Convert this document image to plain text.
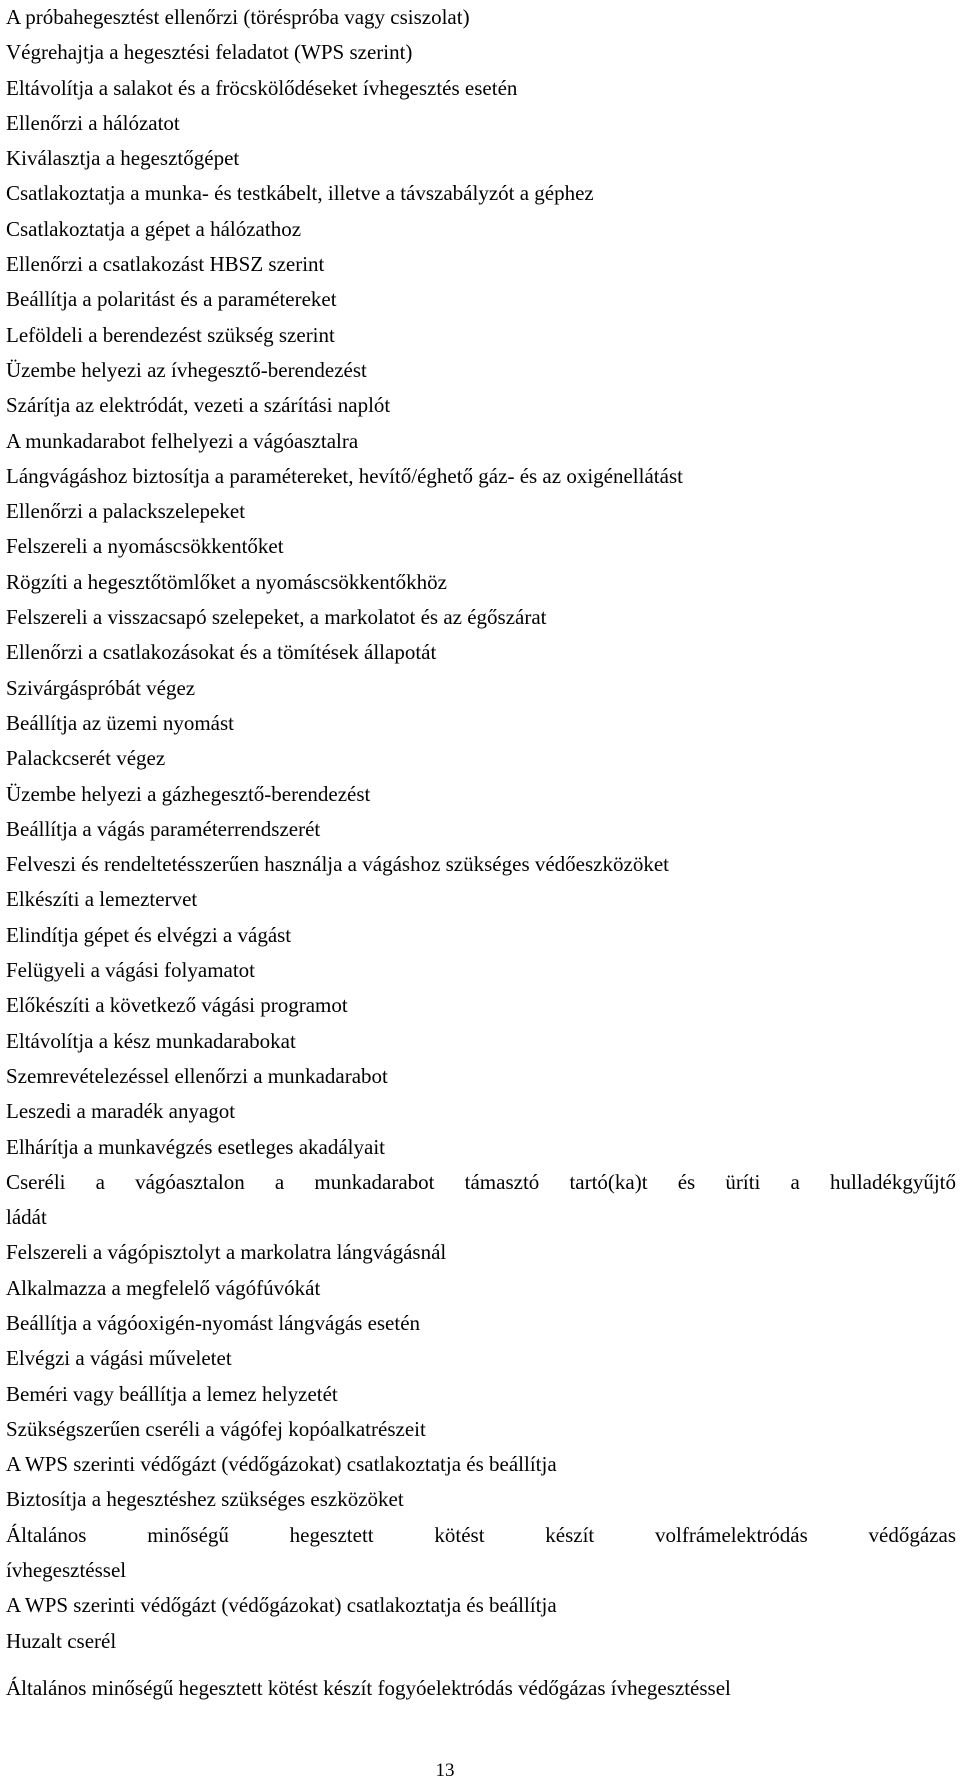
A próbahegesztést ellenőrzi (töréspróba vagy csiszolat)
Végrehajtja a hegesztési feladatot (WPS szerint)
Eltávolítja a salakot és a fröcskölődéseket ívhegesztés esetén
Ellenőrzi a hálózatot
Kiválasztja a hegesztőgépet
Csatlakoztatja a munka- és testkábelt, illetve a távszabályzót a géphez
Csatlakoztatja a gépet a hálózathoz
Ellenőrzi a csatlakozást HBSZ szerint
Beállítja a polaritást és a paramétereket
Leföldeli a berendezést szükség szerint
Üzembe helyezi az ívhegesztő-berendezést
Szárítja az elektródát, vezeti a szárítási naplót
A munkadarabot felhelyezi a vágóasztalra
Lángvágáshoz biztosítja a paramétereket, hevítő/éghető gáz- és az oxigénellátást
Ellenőrzi a palackszelepeket
Felszereli a nyomáscsökkentőket
Rögzíti a hegesztőtömlőket a nyomáscsökkentőkhöz
Felszereli a visszacsapó szelepeket, a markolatot és az égőszárat
Ellenőrzi a csatlakozásokat és a tömítések állapotát
Szivárgáspróbát végez
Beállítja az üzemi nyomást
Palackcserét végez
Üzembe helyezi a gázhegesztő-berendezést
Beállítja a vágás paraméterrendszerét
Felveszi és rendeltetésszerűen használja a vágáshoz szükséges védőeszközöket
Elkészíti a lemeztervet
Elindítja gépet és elvégzi a vágást
Felügyeli a vágási folyamatot
Előkészíti a következő vágási programot
Eltávolítja a kész munkadarabokat
Szemrevételezéssel ellenőrzi a munkadarabot
Leszedi a maradék anyagot
Elhárítja a munkavégzés esetleges akadályait
Cseréli a vágóasztalon a munkadarabot támasztó tartó(ka)t és üríti a hulladékgyűjtő
ládát
Felszereli a vágópisztolyt a markolatra lángvágásnál
Alkalmazza a megfelelő vágófúvókát
Beállítja a vágóoxigén-nyomást lángvágás esetén
Elvégzi a vágási műveletet
Beméri vagy beállítja a lemez helyzetét
Szükségszerűen cseréli a vágófej kopóalkatrészeit
A WPS szerinti védőgázt (védőgázokat) csatlakoztatja és beállítja
Biztosítja a hegesztéshez szükséges eszközöket
Általános minőségű hegesztett kötést készít volfrámelektródás védőgázas
ívhegesztéssel
A WPS szerinti védőgázt (védőgázokat) csatlakoztatja és beállítja
Huzalt cserél
Általános minőségű hegesztett kötést készít fogyóelektródás védőgázas ívhegesztéssel
13
